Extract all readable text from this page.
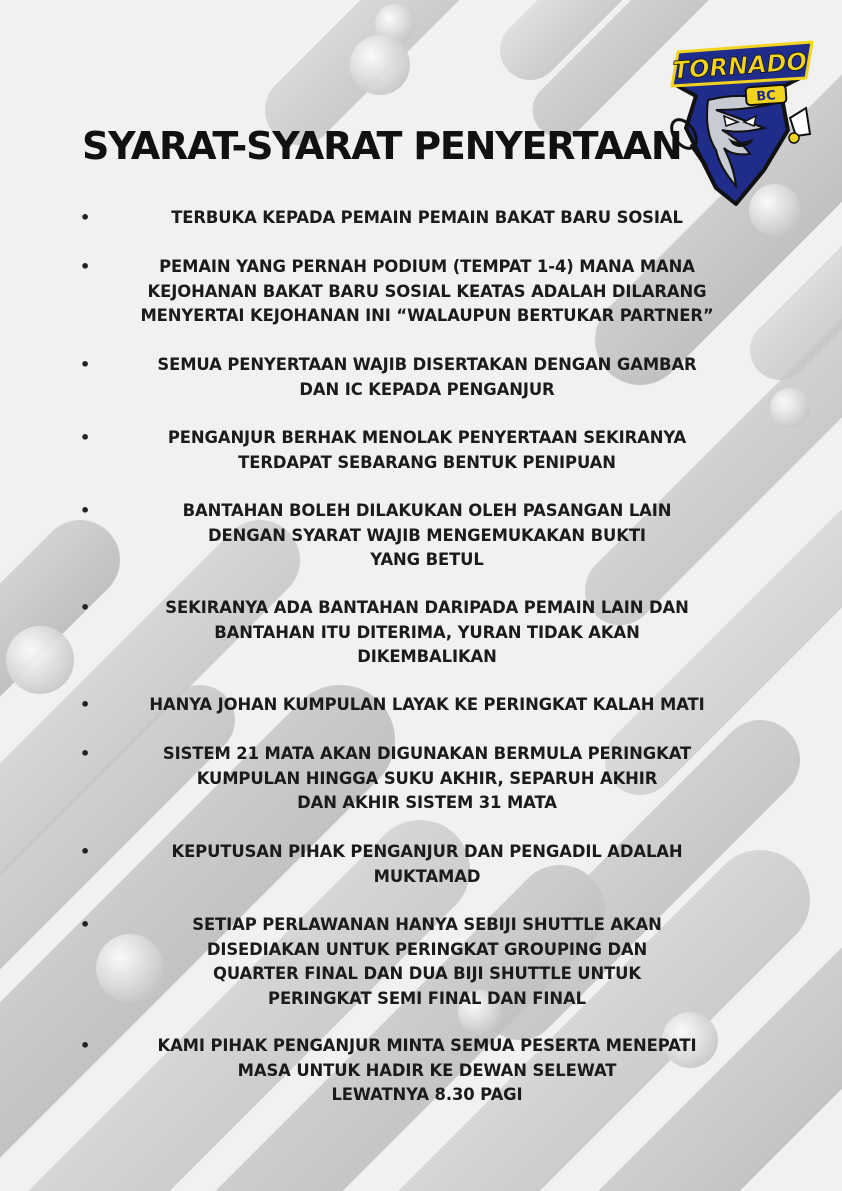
SYARAT-SYARAT PENYERTAAN
TORNADO
BC
•	TERBUKA KEPADA PEMAIN PEMAIN BAKAT BARU SOSIAL

•	PEMAIN YANG PERNAH PODIUM (TEMPAT 1-4) MANA MANA
KEJOHANAN BAKAT BARU SOSIAL KEATAS ADALAH DILARANG
MENYERTAI KEJOHANAN INI “WALAUPUN BERTUKAR PARTNER”

•	SEMUA PENYERTAAN WAJIB DISERTAKAN DENGAN GAMBAR
DAN IC KEPADA PENGANJUR

•	PENGANJUR BERHAK MENOLAK PENYERTAAN SEKIRANYA
TERDAPAT SEBARANG BENTUK PENIPUAN

•	BANTAHAN BOLEH DILAKUKAN OLEH PASANGAN LAIN
DENGAN SYARAT WAJIB MENGEMUKAKAN BUKTI
YANG BETUL

•	SEKIRANYA ADA BANTAHAN DARIPADA PEMAIN LAIN DAN
BANTAHAN ITU DITERIMA, YURAN TIDAK AKAN
DIKEMBALIKAN

•	HANYA JOHAN KUMPULAN LAYAK KE PERINGKAT KALAH MATI

•	SISTEM 21 MATA AKAN DIGUNAKAN BERMULA PERINGKAT
KUMPULAN HINGGA SUKU AKHIR, SEPARUH AKHIR
DAN AKHIR SISTEM 31 MATA

•	KEPUTUSAN PIHAK PENGANJUR DAN PENGADIL ADALAH
MUKTAMAD

•	SETIAP PERLAWANAN HANYA SEBIJI SHUTTLE AKAN
DISEDIAKAN UNTUK PERINGKAT GROUPING DAN
QUARTER FINAL DAN DUA BIJI SHUTTLE UNTUK
PERINGKAT SEMI FINAL DAN FINAL

•	KAMI PIHAK PENGANJUR MINTA SEMUA PESERTA MENEPATI
MASA UNTUK HADIR KE DEWAN SELEWAT
LEWATNYA 8.30 PAGI
